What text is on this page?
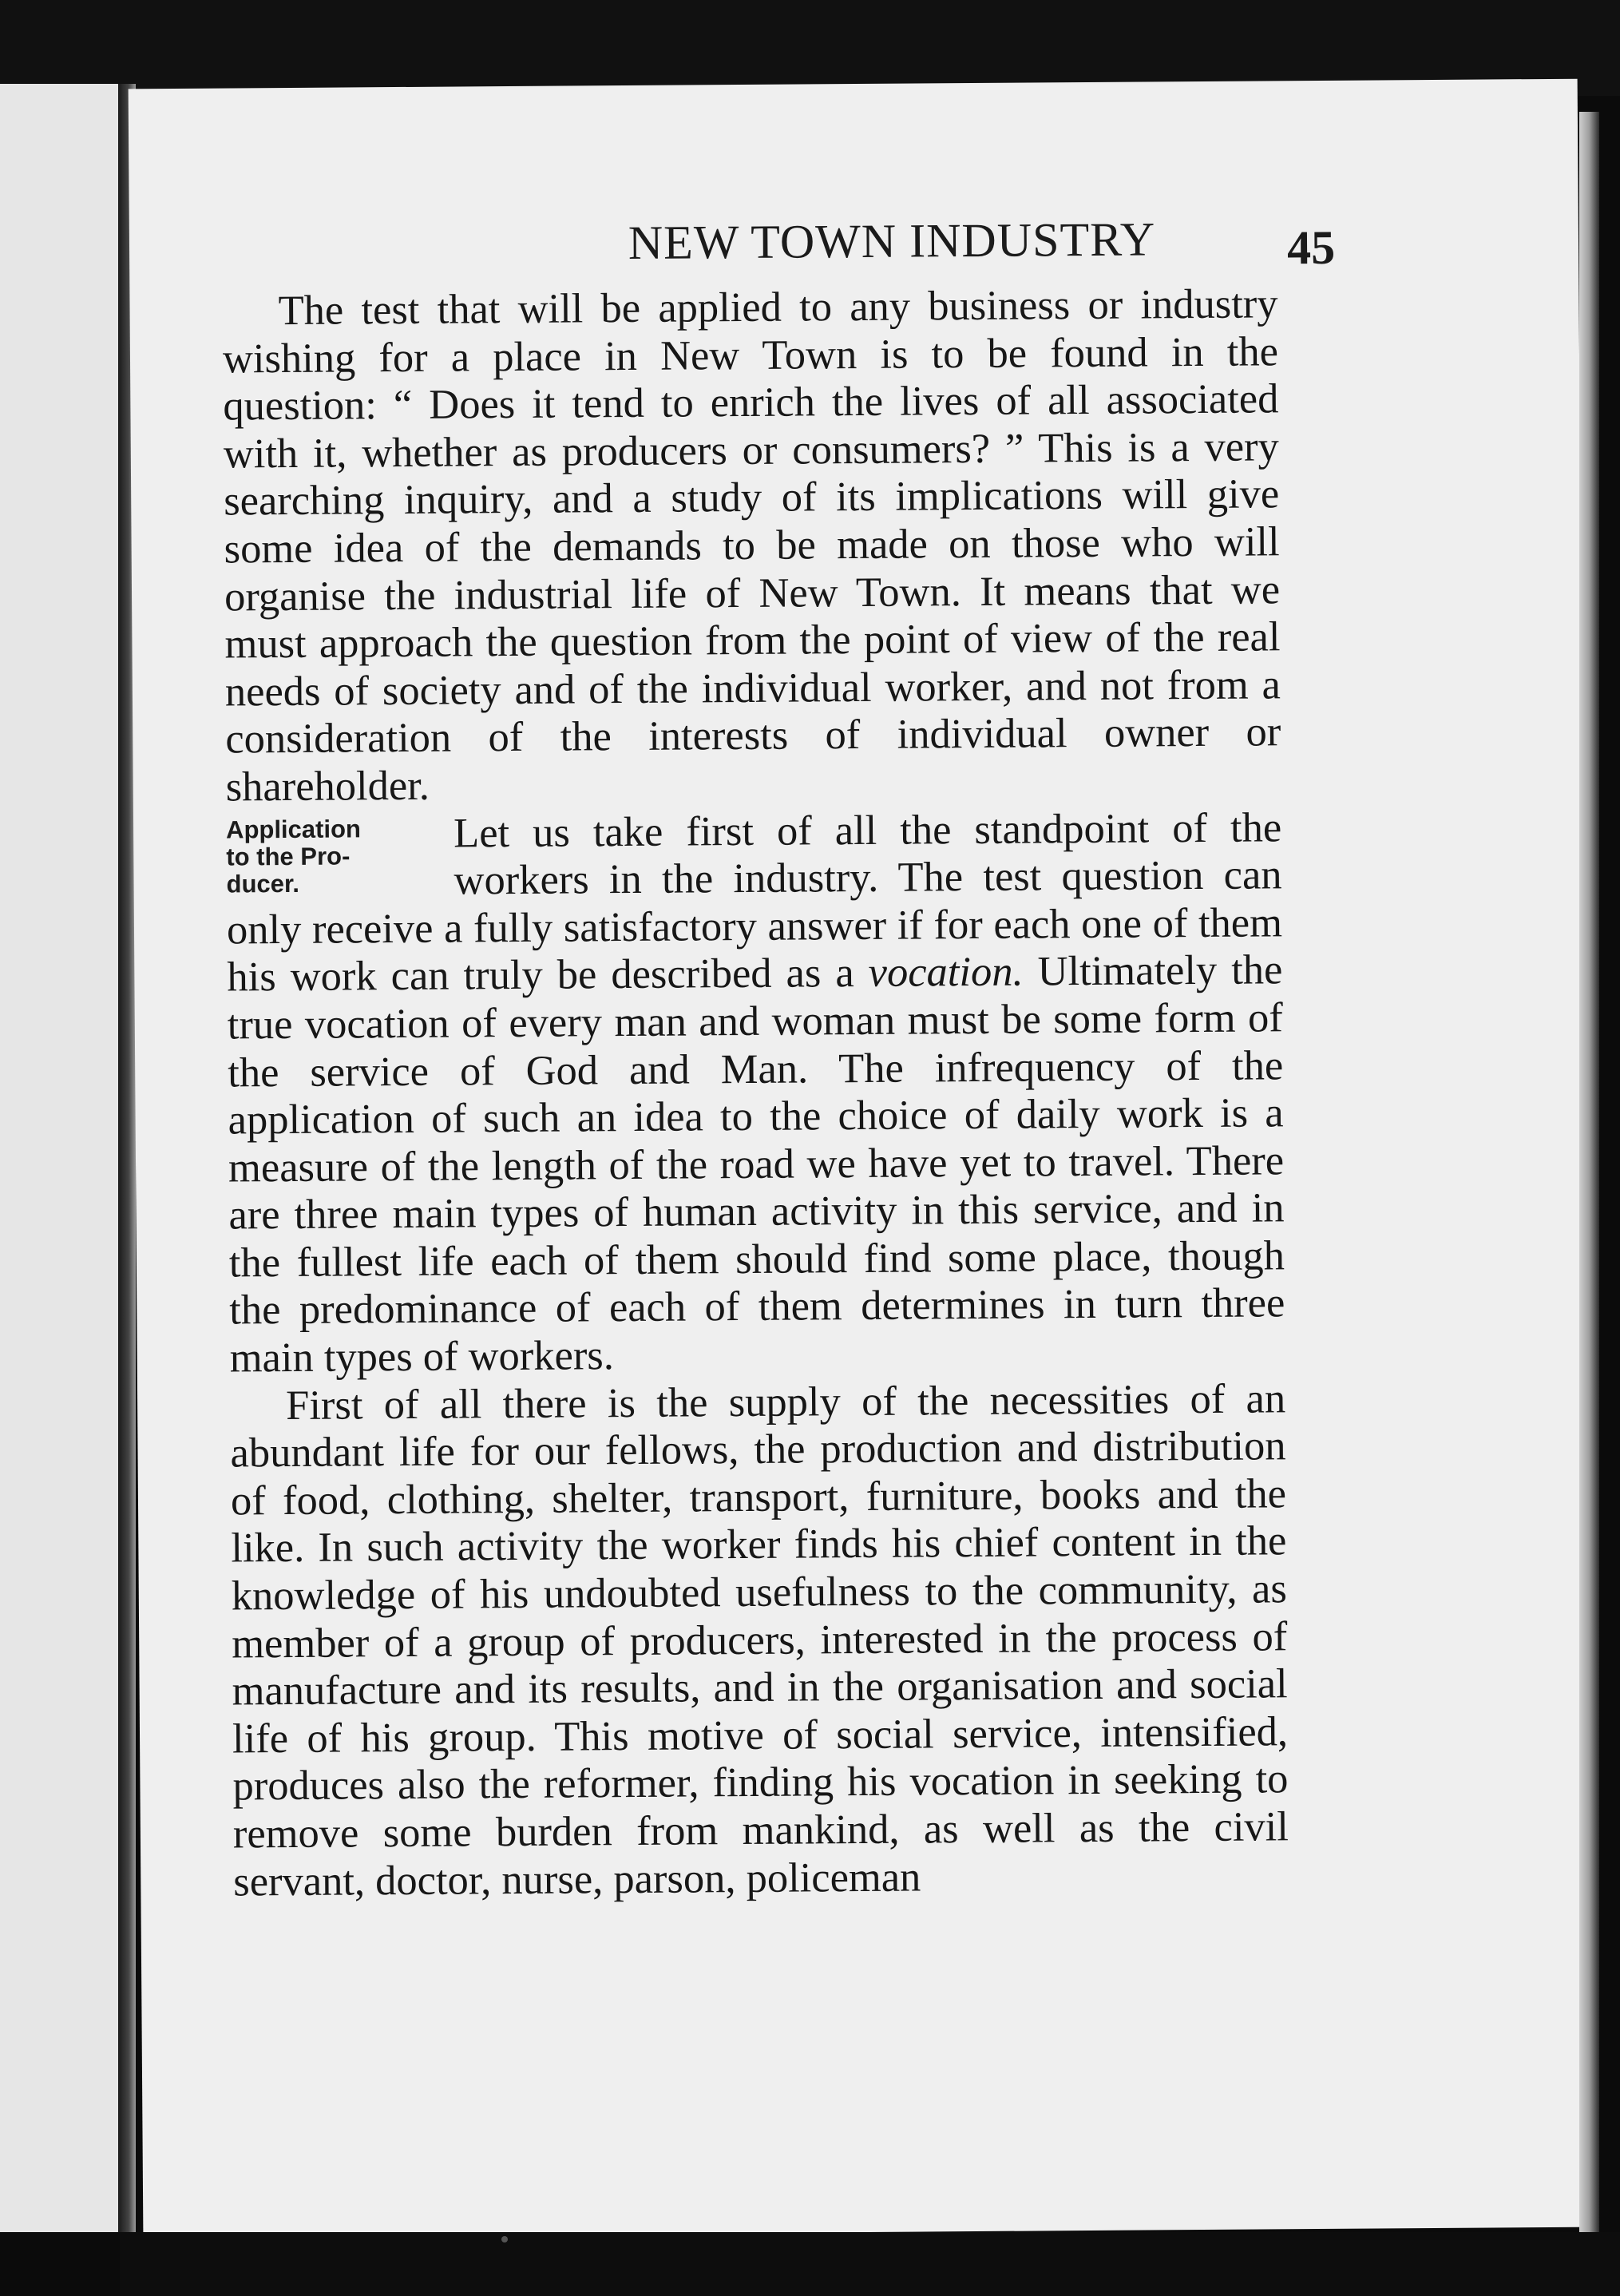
NEW TOWN INDUSTRY	45

The test that will be applied to any business or industry wishing for a place in New Town is to be found in the question: “ Does it tend to enrich the lives of all associated with it, whether as producers or consumers? ” This is a very searching inquiry, and a study of its implications will give some idea of the demands to be made on those who will organise the industrial life of New Town. It means that we must approach the question from the point of view of the real needs of society and of the individual worker, and not from a consideration of the interests of individual owner or shareholder.

Application
to the Pro-
ducer.
Let us take first of all the standpoint of the workers in the industry. The test question can only receive a fully satisfactory answer if for each one of them his work can truly be described as a vocation. Ultimately the true vocation of every man and woman must be some form of the service of God and Man. The infrequency of the application of such an idea to the choice of daily work is a measure of the length of the road we have yet to travel. There are three main types of human activity in this service, and in the fullest life each of them should find some place, though the predominance of each of them determines in turn three main types of workers.

First of all there is the supply of the necessities of an abundant life for our fellows, the production and distribution of food, clothing, shelter, transport, furniture, books and the like. In such activity the worker finds his chief content in the knowledge of his undoubted usefulness to the community, as member of a group of producers, interested in the process of manufacture and its results, and in the organisation and social life of his group. This motive of social service, intensified, produces also the reformer, finding his vocation in seeking to remove some burden from mankind, as well as the civil servant, doctor, nurse, parson, policeman
